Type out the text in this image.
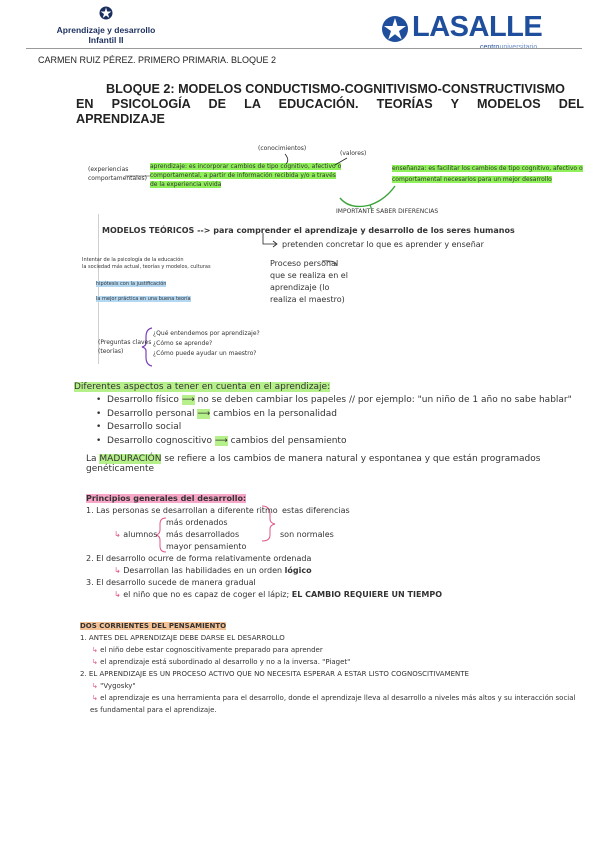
Aprendizaje y desarrollo
Infantil II	LASALLE
CARMEN RUIZ PÉREZ. PRIMERO PRIMARIA. BLOQUE 2
BLOQUE 2: MODELOS CONDUCTISMO-COGNITIVISMO-CONSTRUCTIVISMO
EN PSICOLOGÍA DE LA EDUCACIÓN. TEORÍAS Y MODELOS DEL
APRENDIZAJE
(conocimientos)
(valores)
(experiencias
comportamentales)
aprendizaje: es incorporar cambios de tipo cognitivo, afectivo o
comportamental, a partir de información recibida y/o a través
de la experiencia vivida
enseñanza: es facilitar los cambios de tipo cognitivo, afectivo o
comportamental necesarios para un mejor desarrollo
IMPORTANTE SABER DIFERENCIAS
MODELOS TEÓRICOS --> para comprender el aprendizaje y desarrollo de los seres humanos
pretenden concretar lo que es aprender y enseñar
Intentar de la psicología de la educación
la sociedad más actual, teorías y modelos, culturas
hipótesis con la justificación
la mejor práctica en una buena teoría
Proceso personal
que se realiza en el
aprendizaje (lo
realiza el maestro)
(Preguntas claves
(teorías)
¿Qué entendemos por aprendizaje?
¿Cómo se aprende?
¿Cómo puede ayudar un maestro?
Diferentes aspectos a tener en cuenta en el aprendizaje:
•  Desarrollo físico ⟶ no se deben cambiar los papeles // por ejemplo: "un niño de 1 año no sabe hablar"
•  Desarrollo personal ⟶ cambios en la personalidad
•  Desarrollo social
•  Desarrollo cognoscitivo ⟶ cambios del pensamiento
La MADURACIÓN se refiere a los cambios de manera natural y espontanea y que están programados genéticamente
Principios generales del desarrollo:
1. Las personas se desarrollan a diferente ritmo estas diferencias
más ordenados
↳ alumnos más desarrollados	son normales
mayor pensamiento
2. El desarrollo ocurre de forma relativamente ordenada
↳ Desarrollan las habilidades en un orden lógico
3. El desarrollo sucede de manera gradual
↳ el niño que no es capaz de coger el lápiz; EL CAMBIO REQUIERE UN TIEMPO
DOS CORRIENTES DEL PENSAMIENTO
1. ANTES DEL APRENDIZAJE DEBE DARSE EL DESARROLLO
↳ el niño debe estar cognoscitivamente preparado para aprender
↳ el aprendizaje está subordinado al desarrollo y no a la inversa. "Piaget"
2. EL APRENDIZAJE ES UN PROCESO ACTIVO QUE NO NECESITA ESPERAR A ESTAR LISTO COGNOSCITIVAMENTE
↳ "Vygosky"
↳ el aprendizaje es una herramienta para el desarrollo, donde el aprendizaje lleva al desarrollo a niveles más altos y su interacción social
es fundamental para el aprendizaje.
